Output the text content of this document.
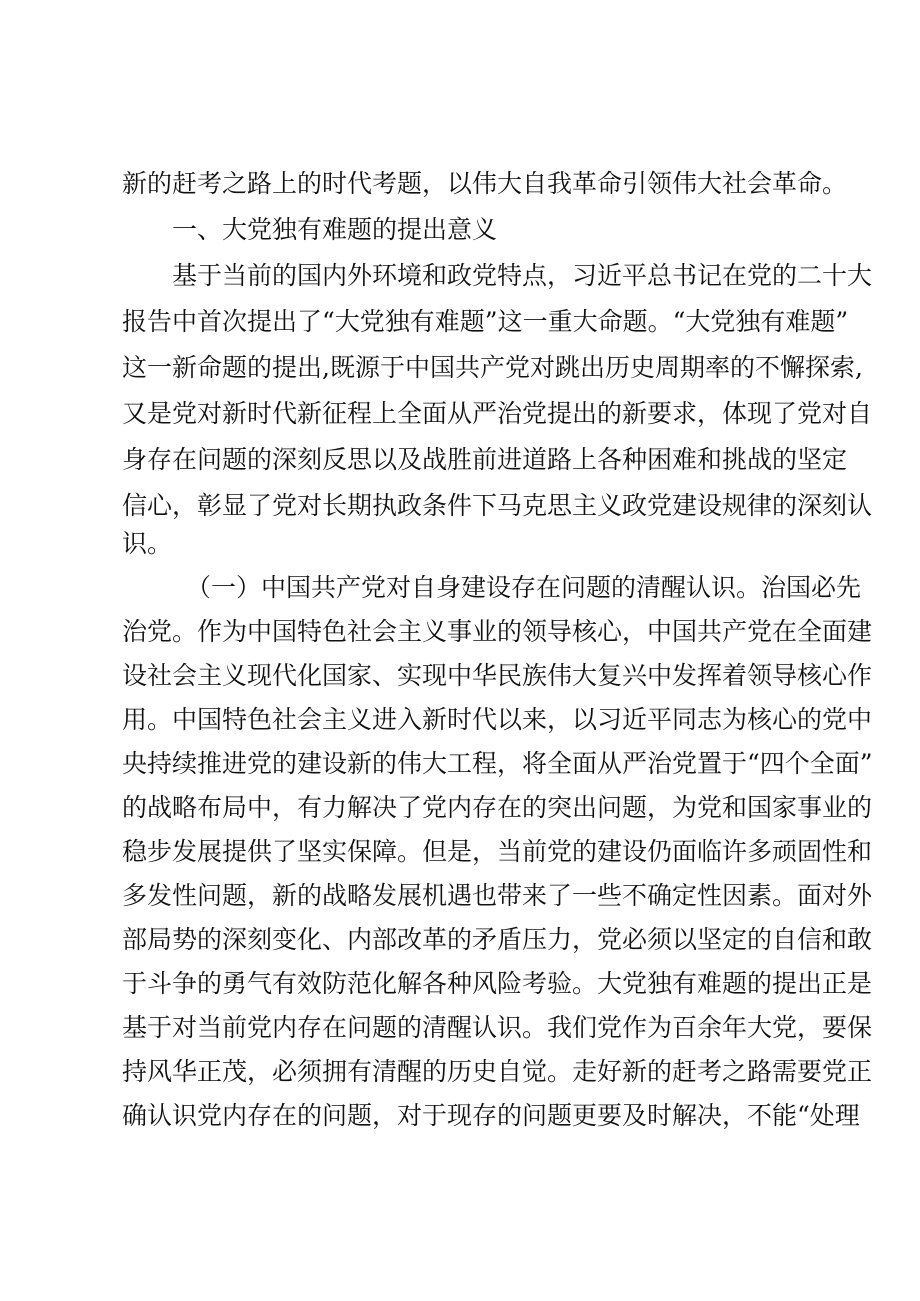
新的赶考之路上的时代考题，以伟大自我革命引领伟大社会革命。
一、大党独有难题的提出意义
基于当前的国内外环境和政党特点，习近平总书记在党的二十大
报告中首次提出了“大党独有难题”这一重大命题。“大党独有难题”
这一新命题的提出,既源于中国共产党对跳出历史周期率的不懈探索,
又是党对新时代新征程上全面从严治党提出的新要求，体现了党对自
身存在问题的深刻反思以及战胜前进道路上各种困难和挑战的坚定
信心，彰显了党对长期执政条件下马克思主义政党建设规律的深刻认
识。
（一）中国共产党对自身建设存在问题的清醒认识。治国必先
治党。作为中国特色社会主义事业的领导核心，中国共产党在全面建
设社会主义现代化国家、实现中华民族伟大复兴中发挥着领导核心作
用。中国特色社会主义进入新时代以来，以习近平同志为核心的党中
央持续推进党的建设新的伟大工程，将全面从严治党置于“四个全面”
的战略布局中，有力解决了党内存在的突出问题，为党和国家事业的
稳步发展提供了坚实保障。但是，当前党的建设仍面临许多顽固性和
多发性问题，新的战略发展机遇也带来了一些不确定性因素。面对外
部局势的深刻变化、内部改革的矛盾压力，党必须以坚定的自信和敢
于斗争的勇气有效防范化解各种风险考验。大党独有难题的提出正是
基于对当前党内存在问题的清醒认识。我们党作为百余年大党，要保
持风华正茂，必须拥有清醒的历史自觉。走好新的赶考之路需要党正
确认识党内存在的问题，对于现存的问题更要及时解决，不能“处理
